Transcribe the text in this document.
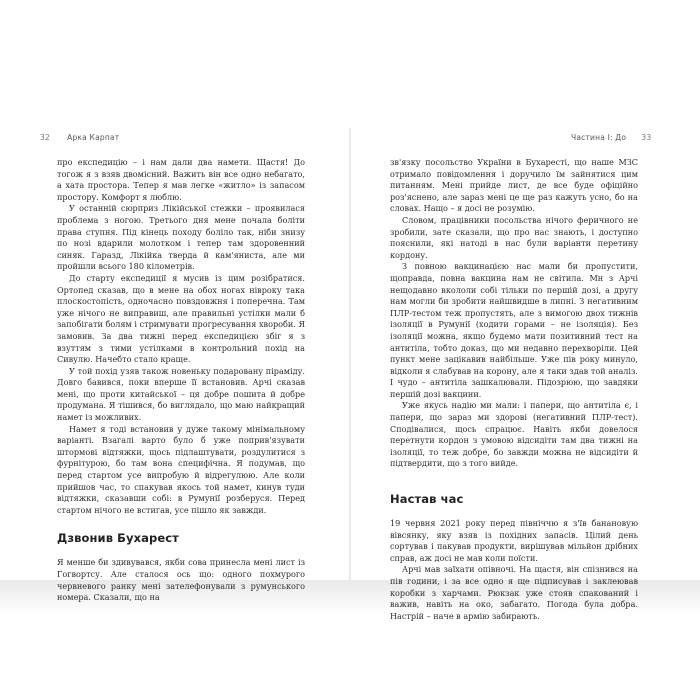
32 Арка Карпат	Частина I: До 33

про експедицію – і нам дали два намети. Щастя! До тогож я з взяв двомісний. Важить він все одно небагато, а хата простора. Тепер я мав легке «житло» із запасом простору. Комфорт я люблю.

У останній сюрприз Лікійської стежки – проявилася проблема з ногою. Третього дня мене почала боліти права ступня. Під кінець походу боліло так, ніби знизу по нозі вдарили молотком і тепер там здоровенний синяк. Гаразд, Лікійка тверда й кам'яниста, але ми пройшли всього 180 кілометрів.

До старту експедиції я мусив із цим розібратися. Ортопед сказав, що в мене на обох ногах нівроку такa плоскостопість, одночасно повздовжня і поперечна. Там уже нічого не виправиш, але правильні устілки мали б запобігати болям і стримувати прогресування хвороби. Я замовив. За два тижні перед експедицією збіг я з взуттям з тими устілками в контрольний похід на Сивулю. Начебто стало краще.

У той похід узяв також новеньку подаровану піраміду. Довго бавився, поки вперше її встановив. Арчі сказав мені, що проти китайської – ця добре пошита й добре продумана. Я тішився, бо виглядало, що маю найкращий намет із можливих.

Намет я тоді встановив у дуже такому мінімальному варіанті. Взагалі варто було б уже поприв'язувати штормові відтяжки, щось підлаштувати, роздулитися з фурнітурою, бо там вона специфічна. Я подумав, що перед стартом усе випробую й відрегулюю. Але коли прийшов час, то спакував якось той намет, кинув туди відтяжки, сказавши собі: в Румунії розберуся. Перед стартом нічого не встигав, усе пішло як завжди.

Дзвонив Бухарест

Я менше би здивувався, якби сова принесла мені лист із Гогвортсу. Але сталося ось що: одного похмурого червневого ранку мені зателефонували з румунського номера. Сказали, що на

зв'язку посольство України в Бухаресті, що наше МЗС отримало повідомлення і доручило їм зайнятися цим питанням. Мені прийде лист, де все буде офіційно роз'яснено, але зараз мені це ще раз кажуть усно, бо на словах. Нащо – я досі не розумію.

Словом, працівники посольства нічого феричного не зробили, зате сказали, що про нас знають, і доступно пояснили, які натоді в нас були варіанти перетину кордону.

З повною вакцинацією нас мали би пропустити, щоправда, повна вакцина нам не світила. Мн з Арчі нещодавно вкололи собі тільки по першій дозі, а другу нам могли би зробити найшвидше в липні. З негативним ПЛР-тестом теж пропустять, але з вимогою двох тижнів ізоляції в Румунії (ходити горами – не ізоляція). Без ізоляції можна, якщо будемо мати позитивний тест на антитіла, тобто доказ, що ми недавно перехворіли. Цей пункт мене зацікавив найбільше. Уже пів року минуло, відколи я слабував на корону, але я таки здав той аналіз. І чудо – антитіла зашкалювали. Підозрюю, що завдяки першій дозі вакцини.

Уже якусь надію ми мали: і папери, що антитіла є, і папери, що зараз ми здорові (негативний ПЛР-тест). Сподівалися, щось спрацює. Навіть якби довелося перетнути кордон з умовою відсидіти там два тижні на ізоляції, то теж добре, бо завжди можна не відсидіти й підтвердити, що з того вийде.

Настав час

19 червня 2021 року перед північчю я з'їв банановую вівсянку, яку взяв із похідних запасів. Цілий день сортував і пакував продукти, вирішував мільйон дрібних справ, аж досі не мав коли поїсти.

Арчі мав заїхати опівночі. На щастя, він спізнився на пів години, і за все одно я ще підписував і заклеював коробки з харчами. Рюкзак уже стояв спакований і важив, навіть на око, забагато. Погода була добра. Настрій – наче в армію забирають.
